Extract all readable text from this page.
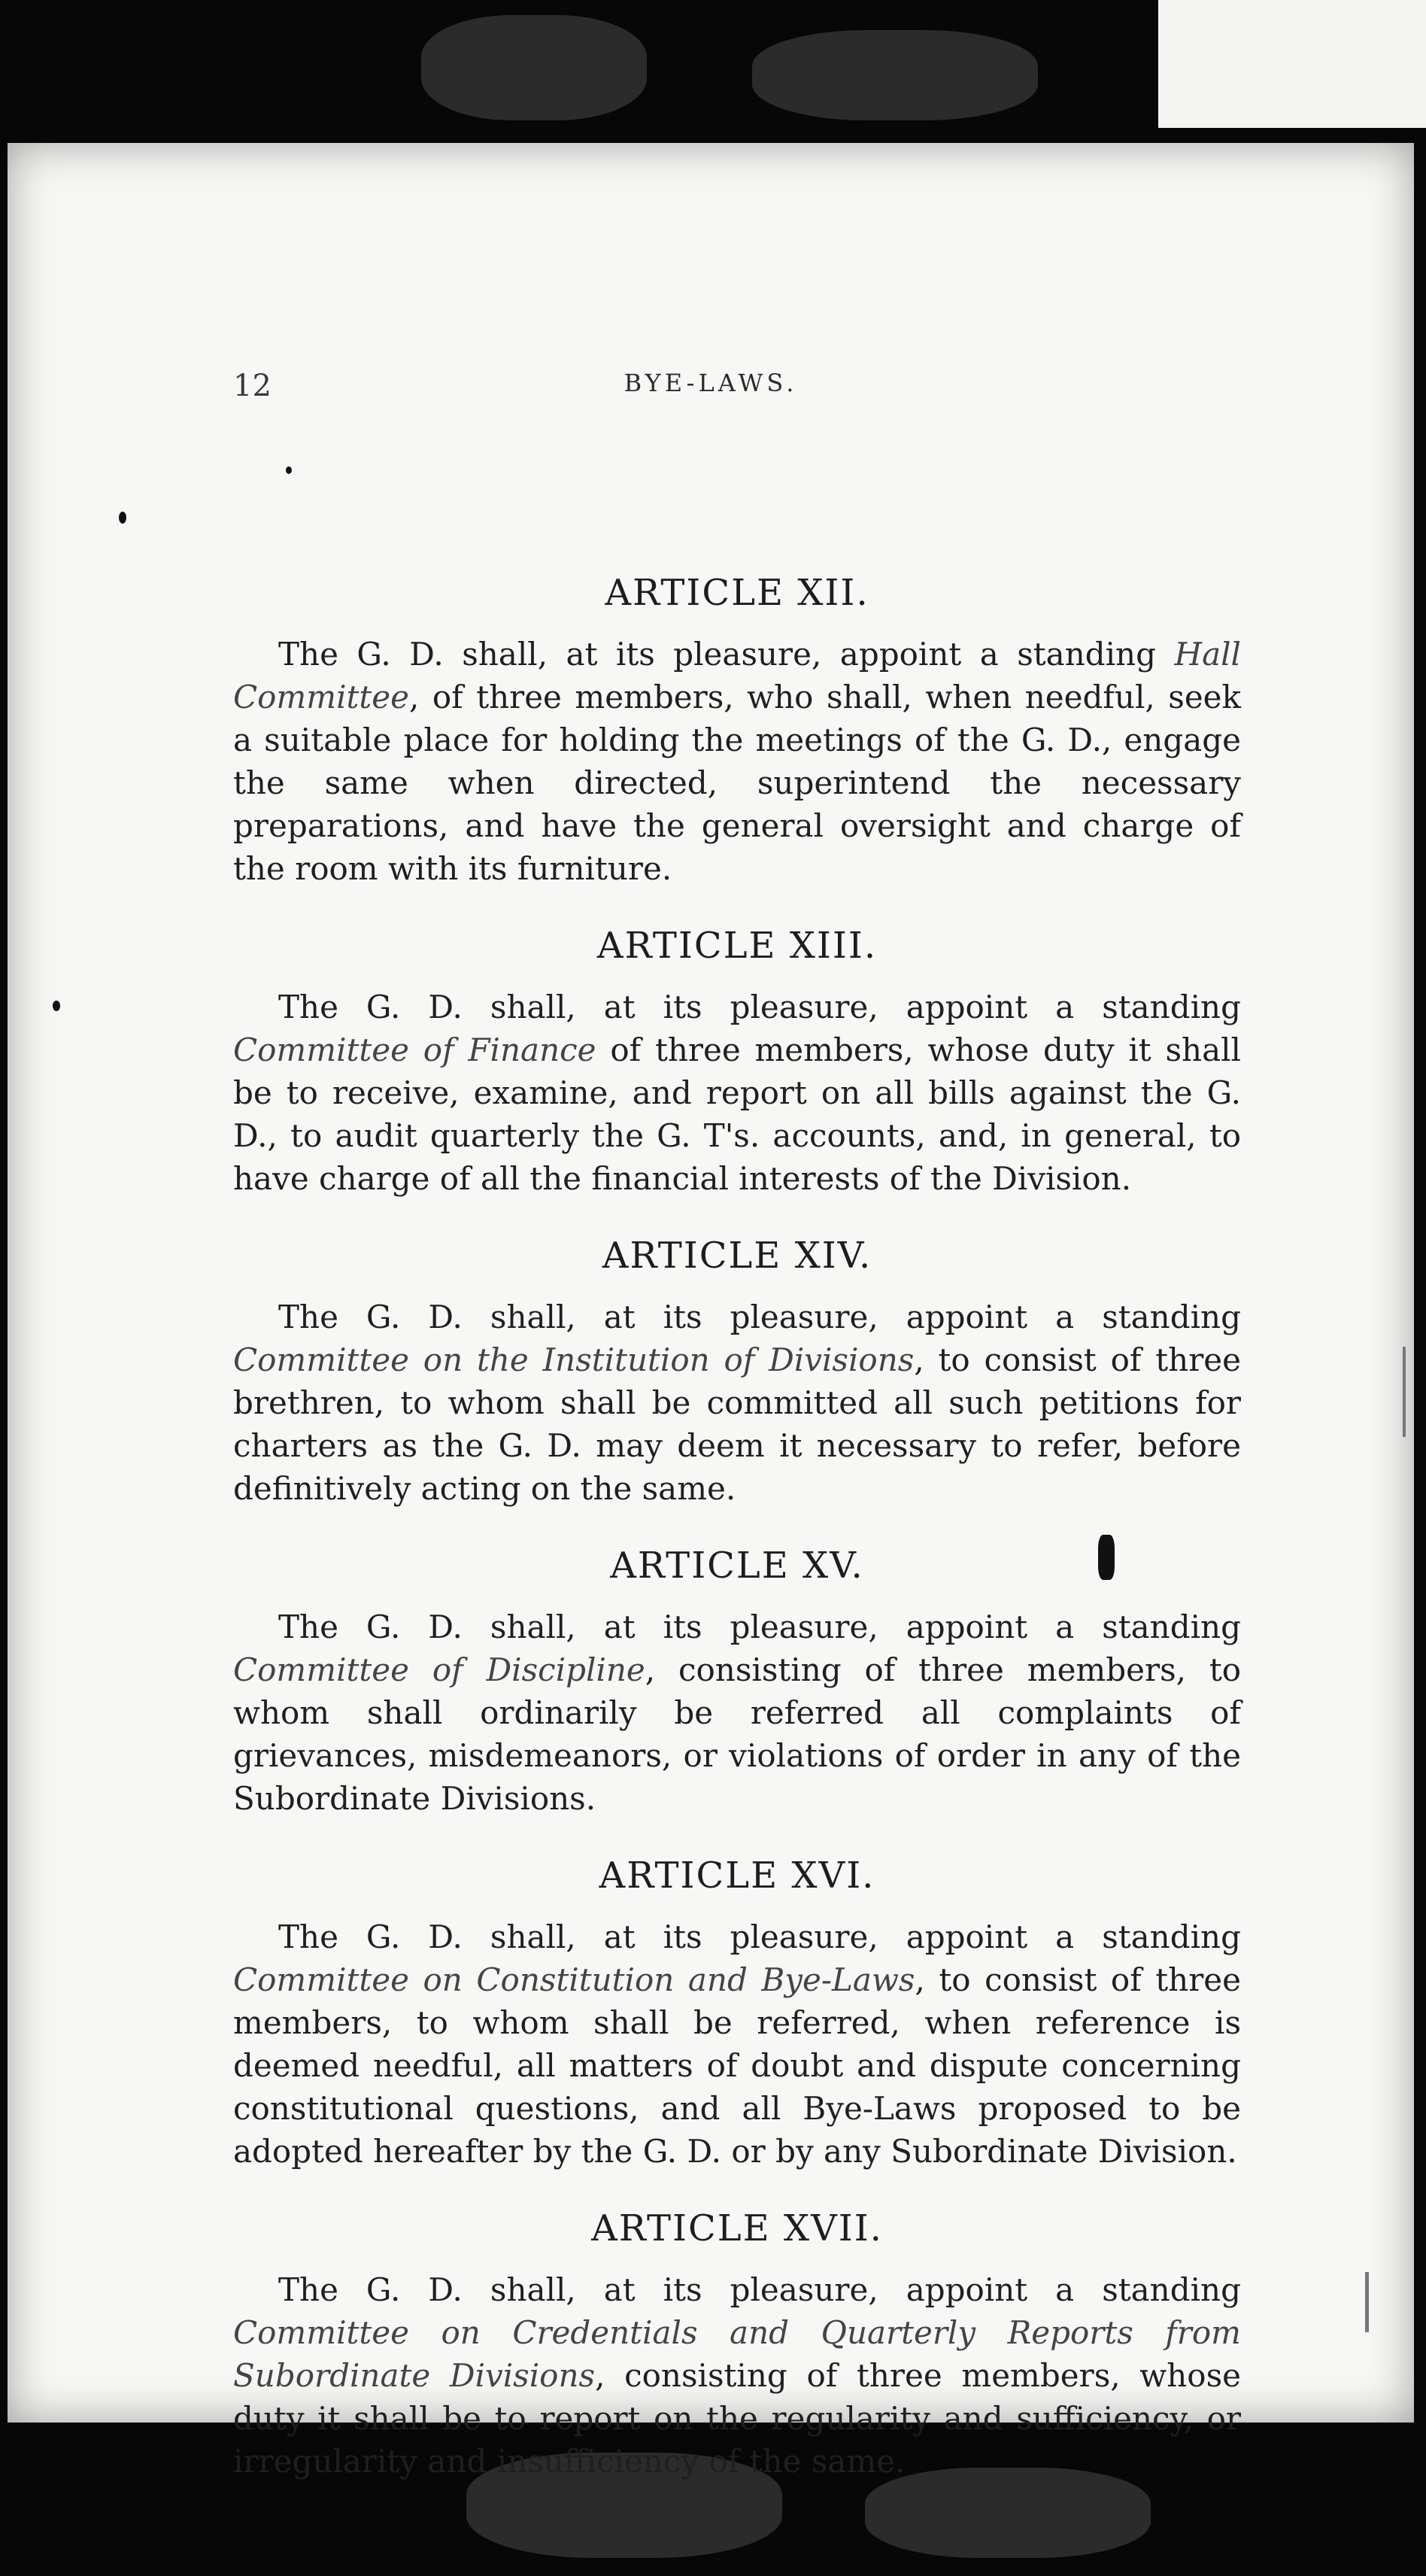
12	BYE-LAWS.
ARTICLE XII.

The G. D. shall, at its pleasure, appoint a standing Hall Committee, of three members, who shall, when needful, seek a suitable place for holding the meetings of the G. D., engage the same when directed, superintend the necessary preparations, and have the general oversight and charge of the room with its furniture.

ARTICLE XIII.

The G. D. shall, at its pleasure, appoint a standing Committee of Finance of three members, whose duty it shall be to receive, examine, and report on all bills against the G. D., to audit quarterly the G. T's. accounts, and, in general, to have charge of all the financial interests of the Division.

ARTICLE XIV.

The G. D. shall, at its pleasure, appoint a standing Committee on the Institution of Divisions, to consist of three brethren, to whom shall be committed all such petitions for charters as the G. D. may deem it necessary to refer, before definitively acting on the same.

ARTICLE XV.

The G. D. shall, at its pleasure, appoint a standing Committee of Discipline, consisting of three members, to whom shall ordinarily be referred all complaints of grievances, misdemeanors, or violations of order in any of the Subordinate Divisions.

ARTICLE XVI.

The G. D. shall, at its pleasure, appoint a standing Committee on Constitution and Bye-Laws, to consist of three members, to whom shall be referred, when reference is deemed needful, all matters of doubt and dispute concerning constitutional questions, and all Bye-Laws proposed to be adopted hereafter by the G. D. or by any Subordinate Division.

ARTICLE XVII.

The G. D. shall, at its pleasure, appoint a standing Committee on Credentials and Quarterly Reports from Subordinate Divisions, consisting of three members, whose duty it shall be to report on the regularity and sufficiency, or irregularity and insufficiency of the same.
